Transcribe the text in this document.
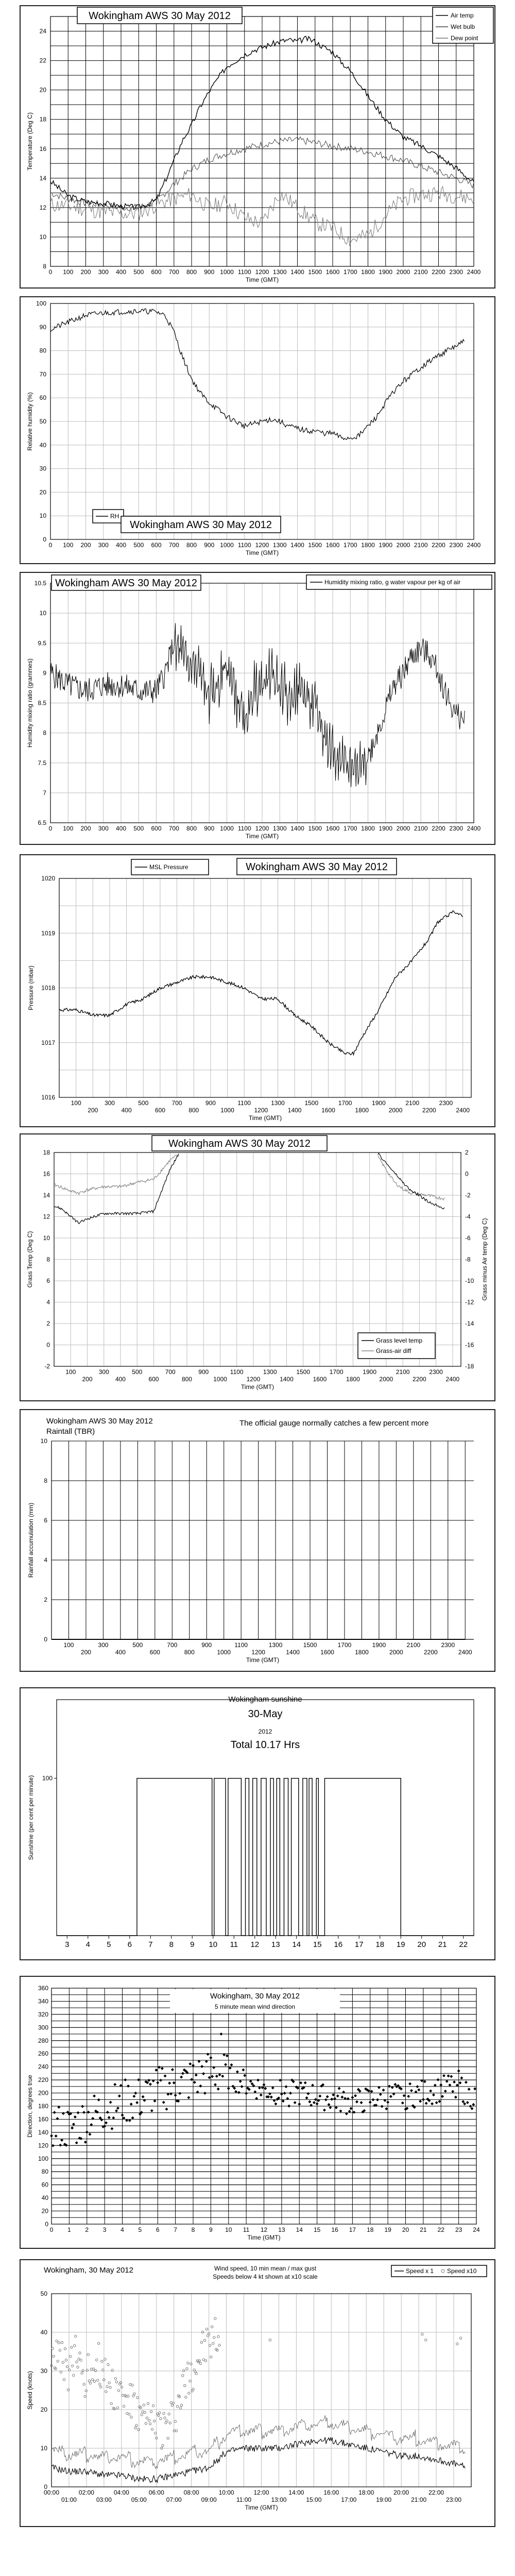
0 100 200 300 400 500 600 700 800 900 1000 1100 1200 1300 1400 1500 1600 1700 1800 1900 2000 2100 2200 2300 2400
8
10
12
14
16
18
20
22
24
Time (GMT)
Temperature (Deg C)
Wokingham AWS 30 May 2012	Air temp
Wet bulb
Dew point
0 100 200 300 400 500 600 700 800 900 1000 1100 1200 1300 1400 1500 1600 1700 1800 1900 2000 2100 2200 2300 2400
0
10
20
30
40
50
60
70
80
90
100
Time (GMT)
Relative humidity (%)
RH
Wokingham AWS 30 May 2012
0 100 200 300 400 500 600 700 800 900 1000 1100 1200 1300 1400 1500 1600 1700 1800 1900 2000 2100 2200 2300 2400
6.5
7
7.5
8
8.5
9
9.5
10
10.5
Time (GMT)
Humidity mixing ratio (grammes)
Wokingham AWS 30 May 2012	Humidity mixing ratio, g water vapour per kg of air
100
200
300
400
500
600
700
800
900
1000
1100
1200
1300
1400
1500
1600
1700
1800
1900
2000
2100
2200
2300
2400
1016
1017
1018
1019
1020
Time (GMT)
Pressure (mbar)
MSL Pressure	Wokingham AWS 30 May 2012
100
200
300
400
500
600
700
800
900
1000
1100
1200
1300
1400
1500
1600
1700
1800
1900
2000
2100
2200
2300
2400
-2
0
2
4
6
8
10
12
14
16
18
-18
-16
-14
-12
-10
-8
-6
-4
-2
0
2
Time (GMT)
Grass Temp (Deg C)	Grass minus Air temp (Deg C)
Wokingham AWS 30 May 2012
Grass level temp
Grass-air diff
100
200
300
400
500
600
700
800
900
1000
1100
1200
1300
1400
1500
1600
1700
1800
1900
2000
2100
2200
2300
2400
0
2
4
6
8
10
Time (GMT)
Rainfall accumulation (mm)
Wokingham AWS 30 May 2012
Raintall (TBR)
The official gauge normally catches a few percent more
Wokingham sunshine
30-May
2012
Total 10.17 Hrs
3 4 5 6 7 8 9 10 11 12 13 14 15 16 17 18 19 20 21 22
100
Sunshine (per cent per minute)
0 1 2 3 4 5 6 7 8 9 10 11 12 13 14 15 16 17 18 19 20 21 22 23 24
0
20
40
60
80
100
120
140
160
180
200
220
240
260
280
300
320
340
360
Time (GMT)
Direction, degrees true
Wokingham, 30 May 2012
5 minute mean wind direction
00:00
01:00
02:00
03:00
04:00
05:00
06:00
07:00
08:00
09:00
10:00
11:00
12:00
13:00
14:00
15:00
16:00
17:00
18:00
19:00
20:00
21:00
22:00
23:00
0
10
20
30
40
50
Time (GMT)
Speed (knots)
Wokingham, 30 May 2012	Wind speed, 10 min mean / max gust
Speeds below 4 kt shown at x10 scale
Speed x 1 Speed x10
